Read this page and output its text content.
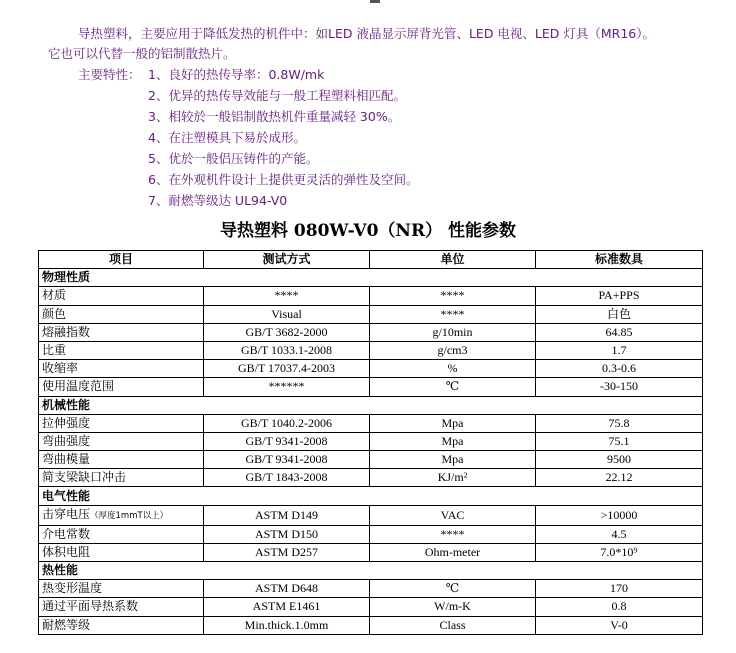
导热塑料，主要应用于降低发热的机件中：如LED 液晶显示屏背光管、LED 电视、LED 灯具（MR16）。
它也可以代替一般的铝制散热片。
主要特性： 1、良好的热传导率：0.8W/mk
2、优异的热传导效能与一般工程塑料相匹配。
3、相较於一般铝制散热机件重量减轻 30%。
4、在注塑模具下易於成形。
5、优於一般侣压铸件的产能。
6、在外观机件设计上提供更灵活的弹性及空间。
7、耐燃等级达 UL94-V0
导热塑料 080W-V0（NR） 性能参数
项目	测试方式	单位	标准数具
物理性质			
材质	****	****	PA+PPS
颜色	Visual	****	白色
熔融指数	GB/T 3682-2000	g/10min	64.85
比重	GB/T 1033.1-2008	g/cm3	1.7
收缩率	GB/T 17037.4-2003	%	0.3-0.6
使用温度范围	******	℃	-30-150
机械性能			
拉伸强度	GB/T 1040.2-2006	Mpa	75.8
弯曲强度	GB/T 9341-2008	Mpa	75.1
弯曲模量	GB/T 9341-2008	Mpa	9500
简支梁缺口冲击	GB/T 1843-2008	KJ/m²	22.12
电气性能			
击穿电压（厚度1mmT以上）	ASTM D149	VAC	>10000
介电常数	ASTM D150	****	4.5
体积电阻	ASTM D257	Ohm-meter	7.0*10⁹
热性能			
热变形温度	ASTM D648	℃	170
通过平面导热系数	ASTM E1461	W/m-K	0.8
耐燃等级	Min.thick.1.0mm	Class	V-0
